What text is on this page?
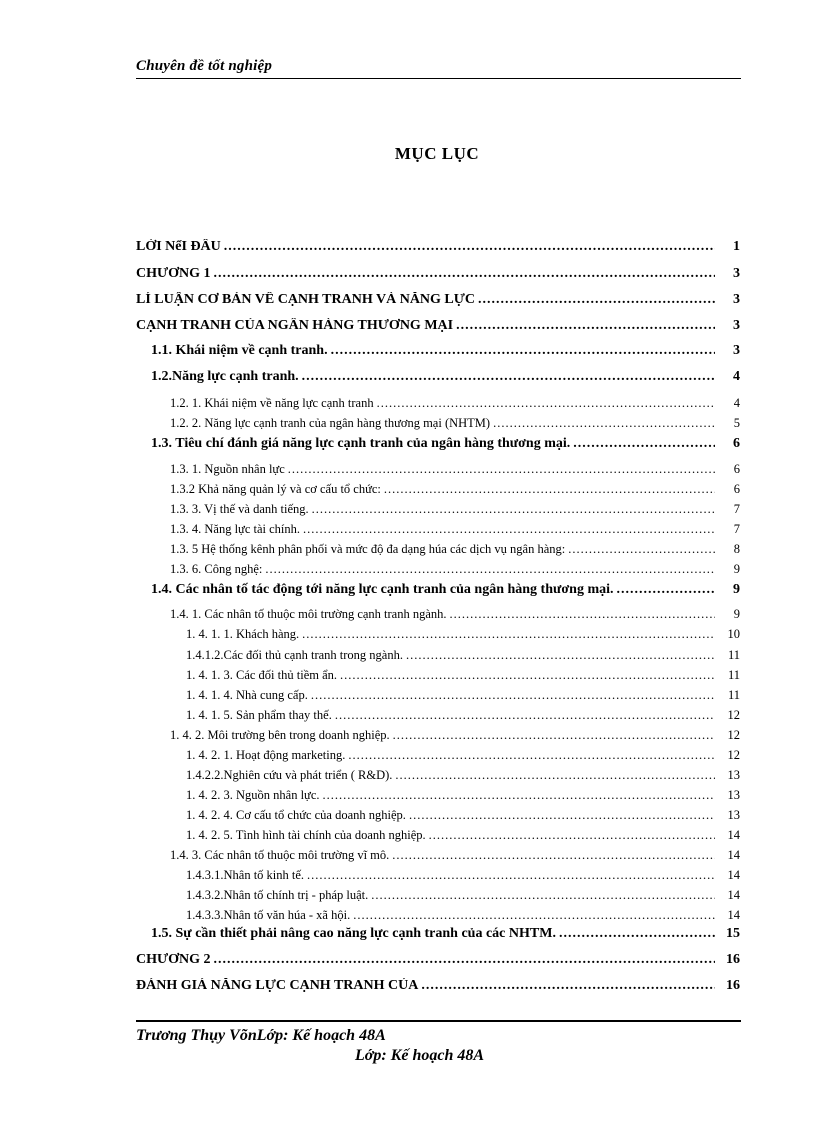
Chuyên đề tốt nghiệp
MỤC LỤC
LỜI NểI ĐẦU .....	1
CHƯƠNG 1 .....	3
LÍ LUẬN CƠ BẢN VỀ CẠNH TRANH VÀ NĂNG LỰC .....	3
CẠNH TRANH CỦA NGÂN HÀNG THƯƠNG MẠI .....	3
1.1. Khái niệm về cạnh tranh. .....	3
1.2.Năng lực cạnh tranh. .....	4
1.2. 1. Khái niệm về năng lực cạnh tranh .....	4
1.2. 2. Năng lực cạnh tranh của ngân hàng thương mại (NHTM) .....	5
1.3. Tiêu chí đánh giá năng lực cạnh tranh của ngân hàng thương mại. .....	6
1.3. 1. Nguồn nhân lực .....	6
1.3.2 Khả năng quản lý và cơ cấu tổ chức: .....	6
1.3. 3. Vị thế và danh tiếng. .....	7
1.3. 4. Năng lực tài chính. .....	7
1.3. 5 Hệ thống kênh phân phối và mức độ đa dạng húa các dịch vụ ngân hàng: .....	8
1.3. 6. Công nghệ: .....	9
1.4. Các nhân tố tác động tới năng lực cạnh tranh của ngân hàng thương mại. .....	9
1.4. 1. Các nhân tố thuộc môi trường cạnh tranh ngành. .....	9
1. 4. 1. 1. Khách hàng. .....	10
1.4.1.2.Các đối thủ cạnh tranh trong ngành. .....	11
1. 4. 1. 3. Các đối thủ tiềm ẩn. .....	11
1. 4. 1. 4. Nhà cung cấp. .....	11
1. 4. 1. 5. Sản phẩm thay thế. .....	12
1. 4. 2. Môi trường bên trong doanh nghiệp. .....	12
1. 4. 2. 1. Hoạt động marketing. .....	12
1.4.2.2.Nghiên cứu và phát triển ( R&D). .....	13
1. 4. 2. 3. Nguồn nhân lực. .....	13
1. 4. 2. 4. Cơ cấu tổ chức của doanh nghiệp. .....	13
1. 4. 2. 5. Tình hình tài chính của doanh nghiệp. .....	14
1.4. 3. Các nhân tố thuộc môi trường vĩ mô. .....	14
1.4.3.1.Nhân tố kinh tế. .....	14
1.4.3.2.Nhân tố chính trị - pháp luật. .....	14
1.4.3.3.Nhân tố văn húa - xã hội. .....	14
1.5. Sự cần thiết phải nâng cao năng lực cạnh tranh của các NHTM. .....	15
CHƯƠNG 2 .....	16
ĐÁNH GIÁ NĂNG LỰC CẠNH TRANH CỦA .....	16
Trương Thụy VõnLớp: Kế hoạch 48A
Lớp: Kế hoạch 48A
